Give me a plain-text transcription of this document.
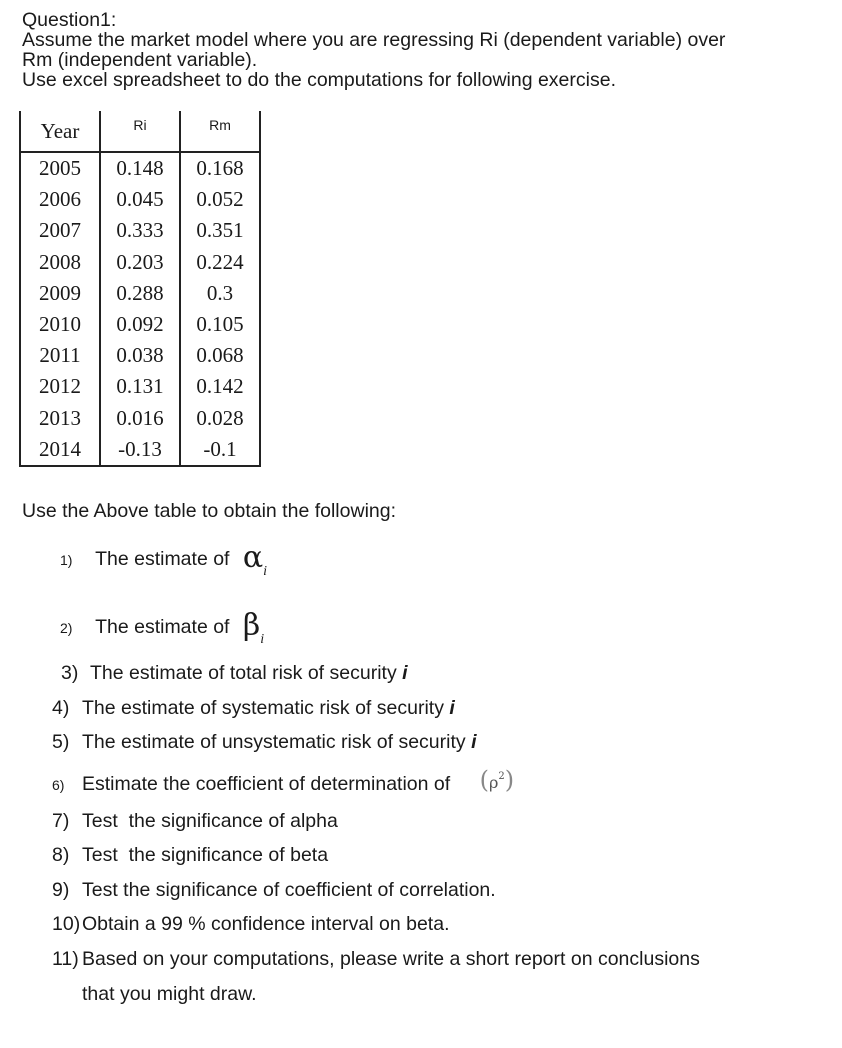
Question1:
Assume the market model where you are regressing Ri (dependent variable) over
Rm (independent variable).
Use excel spreadsheet to do the computations for following exercise.
Year	Ri	Rm
2005	0.148	0.168
2006	0.045	0.052
2007	0.333	0.351
2008	0.203	0.224
2009	0.288	0.3
2010	0.092	0.105
2011	0.038	0.068
2012	0.131	0.142
2013	0.016	0.028
2014	-0.13	-0.1
Use the Above table to obtain the following:
1) The estimate of $\alpha_i$
2) The estimate of $\beta_i$
3) The estimate of total risk of security i
4) The estimate of systematic risk of security i
5) The estimate of unsystematic risk of security i
6) Estimate the coefficient of determination of $(\rho^2)$
7) Test  the significance of alpha
8) Test  the significance of beta
9) Test the significance of coefficient of correlation.
10)Obtain a 99 % confidence interval on beta.
11) Based on your computations, please write a short report on conclusions
that you might draw.
